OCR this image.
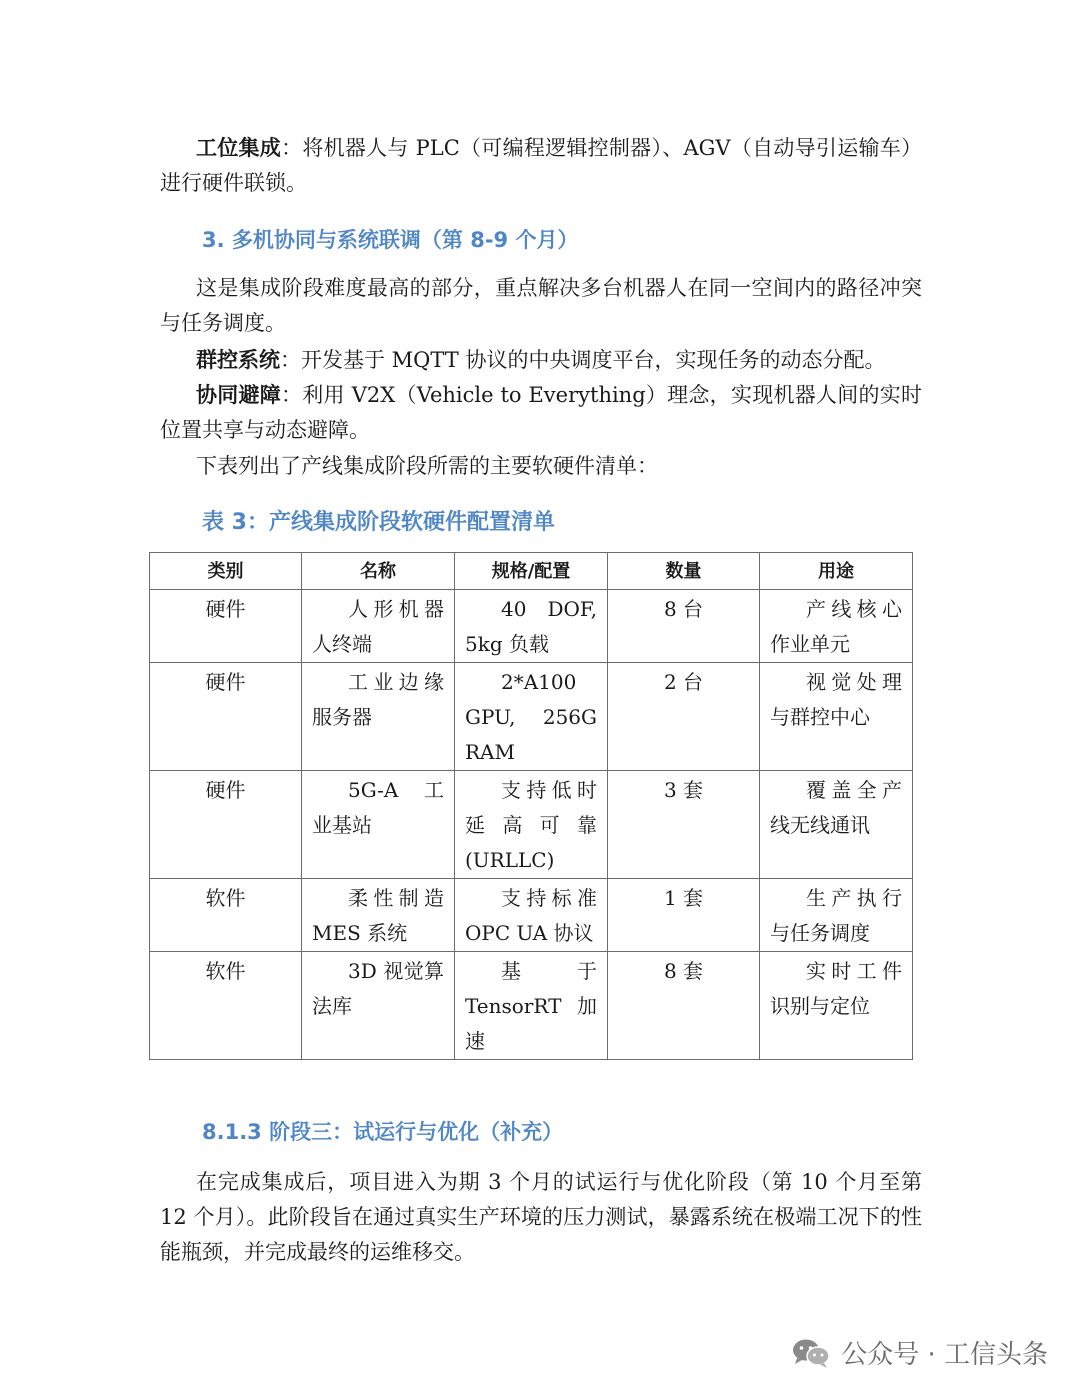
工位集成：将机器人与 PLC（可编程逻辑控制器）、AGV（自动导引运输车）进行硬件联锁。

3. 多机协同与系统联调（第 8-9 个月）

这是集成阶段难度最高的部分，重点解决多台机器人在同一空间内的路径冲突与任务调度。

群控系统：开发基于 MQTT 协议的中央调度平台，实现任务的动态分配。

协同避障：利用 V2X（Vehicle to Everything）理念，实现机器人间的实时位置共享与动态避障。

下表列出了产线集成阶段所需的主要软硬件清单：

表 3：产线集成阶段软硬件配置清单
类别	名称	规格/配置	数量	用途
硬件	人形机器人终端	40 DOF, 5kg 负载	8 台	产线核心作业单元
硬件	工业边缘服务器	2*A100 GPU, 256G RAM	2 台	视觉处理与群控中心
硬件	5G-A 工业基站	支持低时延高可靠 (URLLC)	3 套	覆盖全产线无线通讯
软件	柔性制造 MES 系统	支持标准 OPC UA 协议	1 套	生产执行与任务调度
软件	3D 视觉算法库	基于 TensorRT 加速	8 套	实时工件识别与定位
8.1.3 阶段三：试运行与优化（补充）

在完成集成后，项目进入为期 3 个月的试运行与优化阶段（第 10 个月至第 12 个月）。此阶段旨在通过真实生产环境的压力测试，暴露系统在极端工况下的性能瓶颈，并完成最终的运维移交。

公众号 · 工信头条
